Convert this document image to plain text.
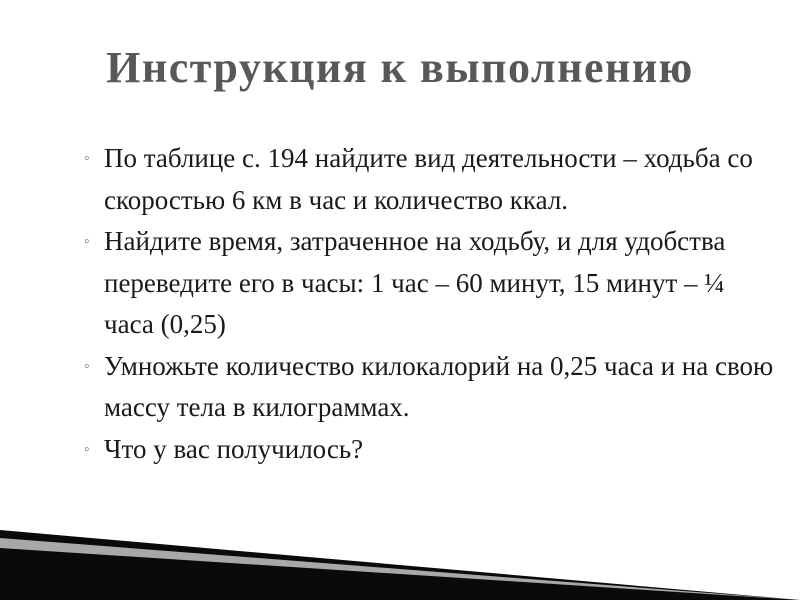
Инструкция к выполнению
◦ По таблице с. 194 найдите вид деятельности – ходьба со скоростью 6 км в час и количество ккал.
◦ Найдите время, затраченное на ходьбу, и для удобства переведите его в часы: 1 час – 60 минут, 15 минут – ¼ часа (0,25)
◦ Умножьте количество килокалорий на 0,25 часа и на свою массу тела в килограммах.
◦ Что у вас получилось?
